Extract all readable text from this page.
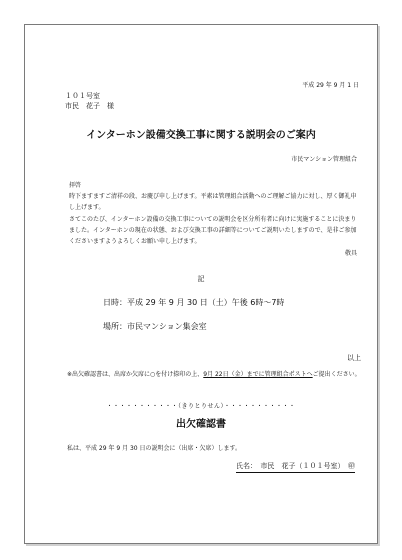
平成 29 年 9 月 1 日
１０１号室
市民　花子　様
インターホン設備交換工事に関する説明会のご案内
市民マンション管理組合
拝啓
時下ますますご清祥の段、お慶び申し上げます。平素は管理組合活動へのご理解ご協力に対し、厚く御礼申し上げます。
さてこのたび、インターホン設備の交換工事についての説明会を区分所有者に向けに実施することに決まりました。インターホンの現在の状態、および交換工事の詳細等についてご説明いたしますので、是非ご参加くださいますようよろしくお願い申し上げます。
敬具
記
日時：平成 29 年 9 月 30 日（土）午後 6時～7時
場所：市民マンション集会室
以上
※出欠確認書は、出席か欠席に○を付け捺印の上、9月 22日（金）までに管理組合ポストへご提出ください。
・・・・・・・・・・・（きりとりせん）・・・・・・・・・・・
出欠確認書
私は、平成 29 年 9 月 30 日の説明会に（出席・欠席）します。
氏名：　市民　花子（１０１号室）　㊞
